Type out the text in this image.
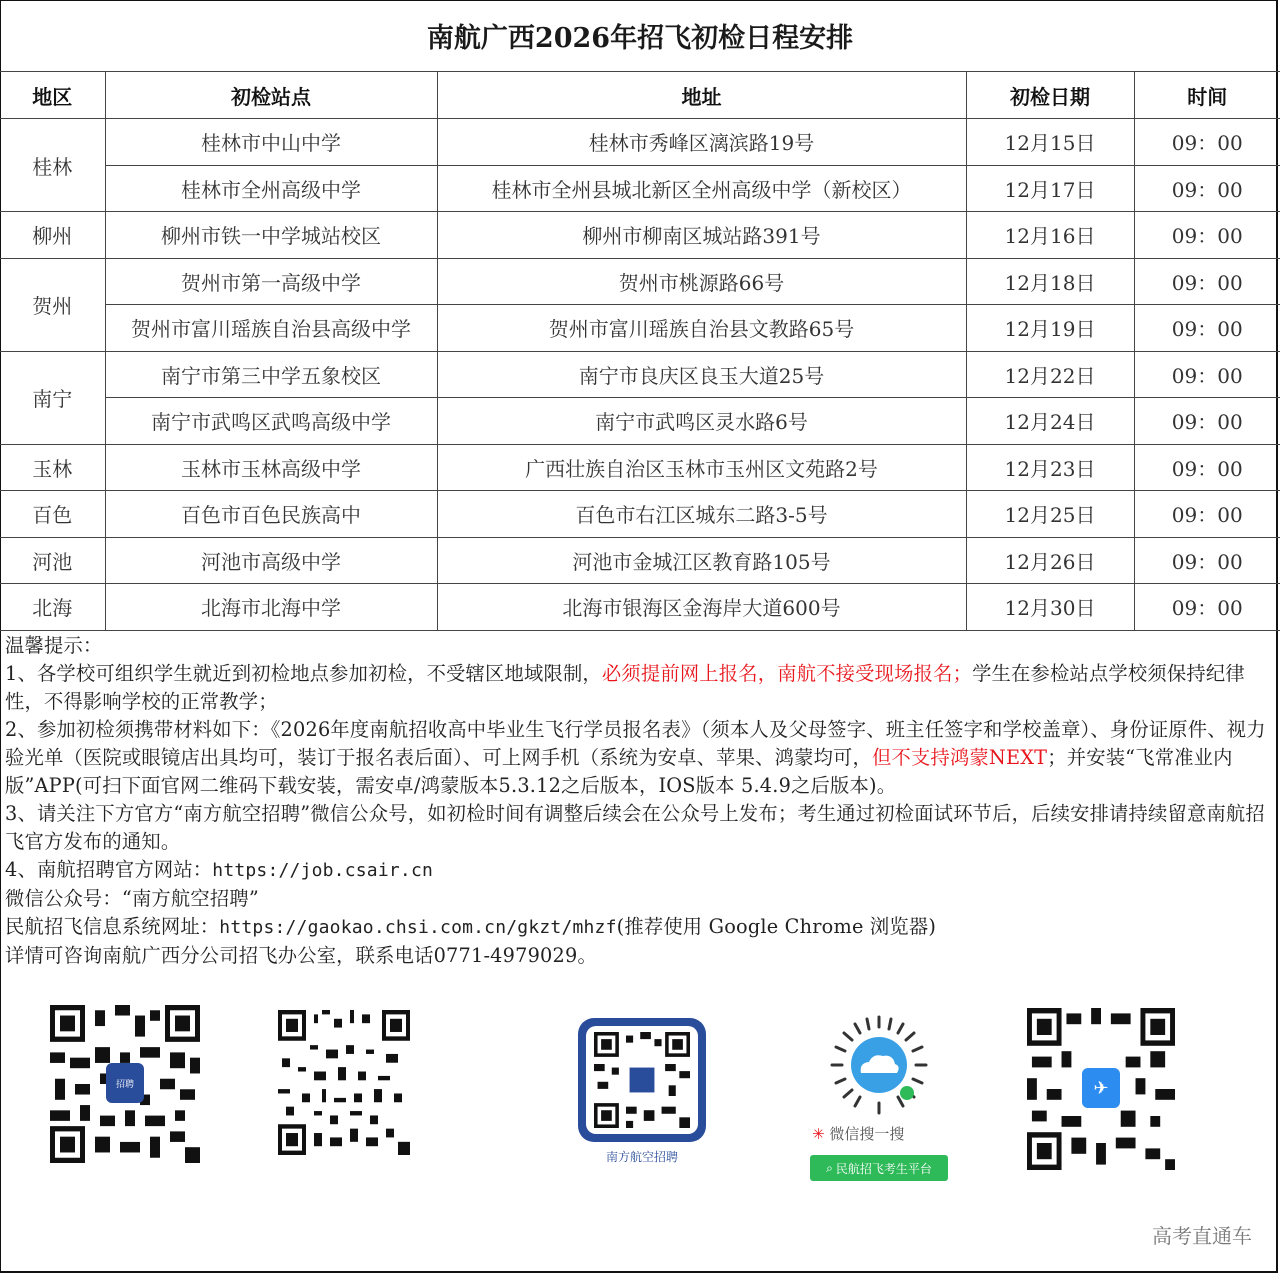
南航广西2026年招飞初检日程安排
地区	初检站点	地址	初检日期	时间
桂林	桂林市中山中学	桂林市秀峰区漓滨路19号	12月15日	09：00
	桂林市全州高级中学	桂林市全州县城北新区全州高级中学（新校区）	12月17日	09：00
柳州	柳州市铁一中学城站校区	柳州市柳南区城站路391号	12月16日	09：00
贺州	贺州市第一高级中学	贺州市桃源路66号	12月18日	09：00
	贺州市富川瑶族自治县高级中学	贺州市富川瑶族自治县文教路65号	12月19日	09：00
南宁	南宁市第三中学五象校区	南宁市良庆区良玉大道25号	12月22日	09：00
	南宁市武鸣区武鸣高级中学	南宁市武鸣区灵水路6号	12月24日	09：00
玉林	玉林市玉林高级中学	广西壮族自治区玉林市玉州区文苑路2号	12月23日	09：00
百色	百色市百色民族高中	百色市右江区城东二路3-5号	12月25日	09：00
河池	河池市高级中学	河池市金城江区教育路105号	12月26日	09：00
北海	北海市北海中学	北海市银海区金海岸大道600号	12月30日	09：00

温馨提示：

1、各学校可组织学生就近到初检地点参加初检，不受辖区地域限制，必须提前网上报名，南航不接受现场报名；学生在参检站点学校须保持纪律性，不得影响学校的正常教学；

2、参加初检须携带材料如下：《2026年度南航招收高中毕业生飞行学员报名表》（须本人及父母签字、班主任签字和学校盖章）、身份证原件、视力验光单（医院或眼镜店出具均可，装订于报名表后面）、可上网手机（系统为安卓、苹果、鸿蒙均可，但不支持鸿蒙NEXT；并安装“飞常准业内版”APP(可扫下面官网二维码下载安装，需安卓/鸿蒙版本5.3.12之后版本，IOS版本 5.4.9之后版本)。

3、请关注下方官方“南方航空招聘”微信公众号，如初检时间有调整后续会在公众号上发布；考生通过初检面试环节后，后续安排请持续留意南航招飞官方发布的通知。

4、南航招聘官方网站：https://job.csair.cn

微信公众号：“南方航空招聘”

民航招飞信息系统网址：https://gaokao.chsi.com.cn/gkzt/mhzf(推荐使用 Google Chrome 浏览器)

详情可咨询南航广西分公司招飞办公室，联系电话0771-4979029。

招聘
南方航空招聘
✳ 微信搜一搜
⌕ 民航招飞考生平台
✈
高考直通车
